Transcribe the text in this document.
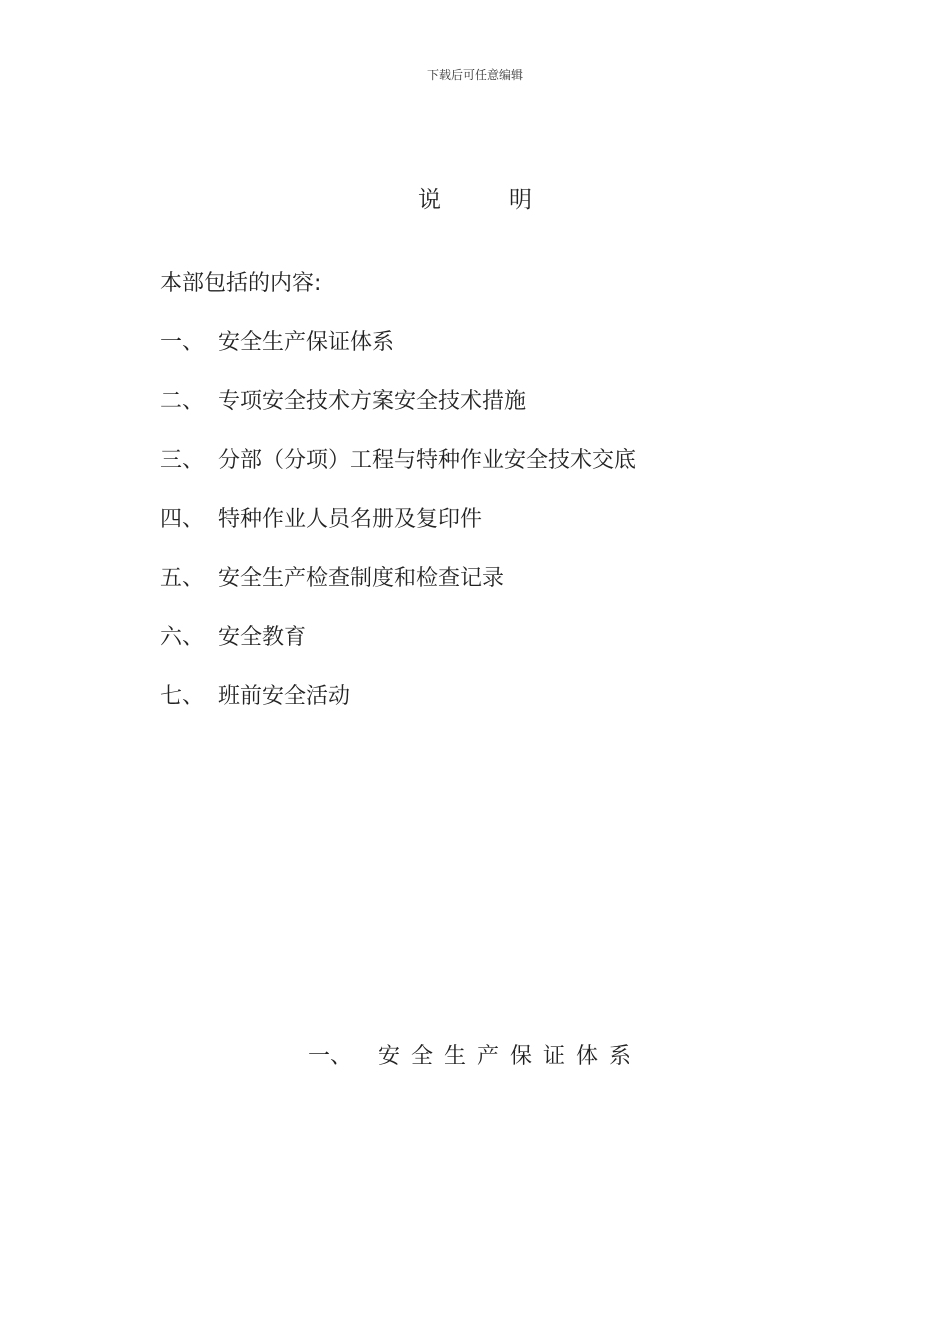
下载后可任意编辑
说	明
本部包括的内容:
一、 安全生产保证体系
二、 专项安全技术方案安全技术措施
三、 分部（分项）工程与特种作业安全技术交底
四、 特种作业人员名册及复印件
五、 安全生产检查制度和检查记录
六、 安全教育
七、 班前安全活动
一、	安全生产保证体系
